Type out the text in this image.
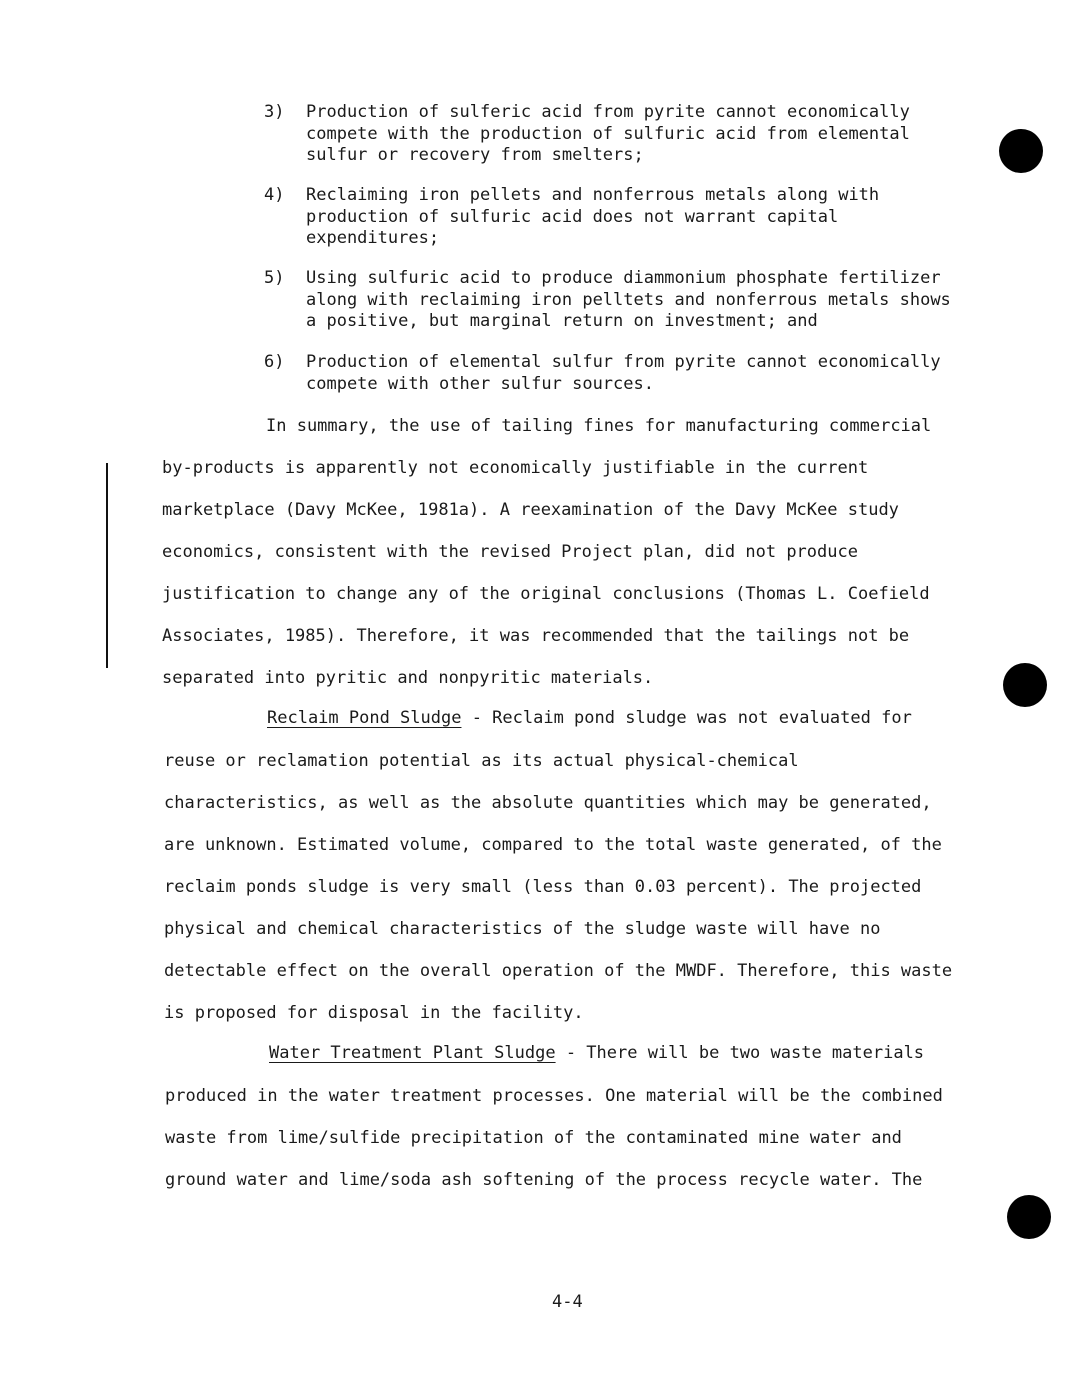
3) Production of sulferic acid from pyrite cannot economically
compete with the production of sulfuric acid from elemental
sulfur or recovery from smelters;
4) Reclaiming iron pellets and nonferrous metals along with
production of sulfuric acid does not warrant capital
expenditures;
5) Using sulfuric acid to produce diammonium phosphate fertilizer
along with reclaiming iron pelltets and nonferrous metals shows
a positive, but marginal return on investment; and
6) Production of elemental sulfur from pyrite cannot economically
compete with other sulfur sources.
In summary, the use of tailing fines for manufacturing commercial
by-products is apparently not economically justifiable in the current
marketplace (Davy McKee, 1981a). A reexamination of the Davy McKee study
economics, consistent with the revised Project plan, did not produce
justification to change any of the original conclusions (Thomas L. Coefield
Associates, 1985). Therefore, it was recommended that the tailings not be
separated into pyritic and nonpyritic materials.
Reclaim Pond Sludge - Reclaim pond sludge was not evaluated for
reuse or reclamation potential as its actual physical-chemical
characteristics, as well as the absolute quantities which may be generated,
are unknown. Estimated volume, compared to the total waste generated, of the
reclaim ponds sludge is very small (less than 0.03 percent). The projected
physical and chemical characteristics of the sludge waste will have no
detectable effect on the overall operation of the MWDF. Therefore, this waste
is proposed for disposal in the facility.
Water Treatment Plant Sludge - There will be two waste materials
produced in the water treatment processes. One material will be the combined
waste from lime/sulfide precipitation of the contaminated mine water and
ground water and lime/soda ash softening of the process recycle water. The
4-4
